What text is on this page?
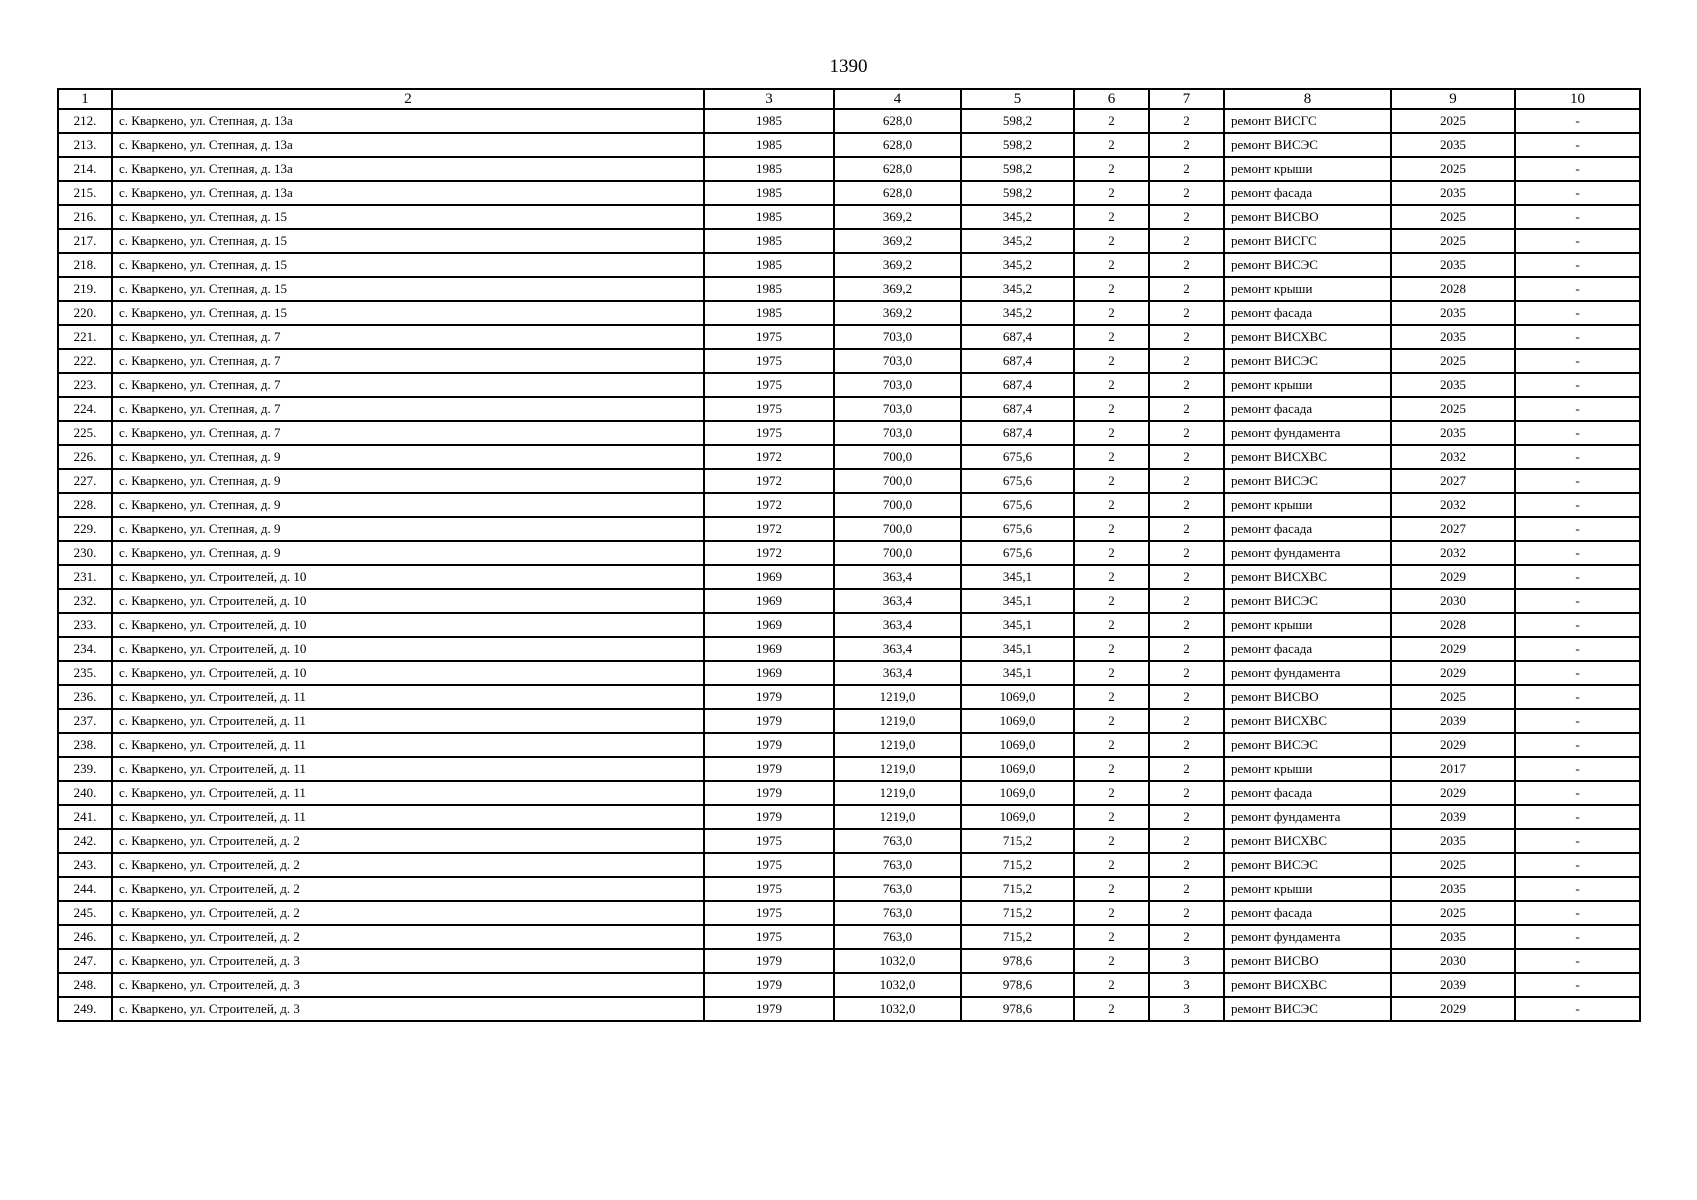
1390
1	2	3	4	5	6	7	8	9	10
212.	с. Кваркено, ул. Степная, д. 13а	1985	628,0	598,2	2	2	ремонт ВИСГС	2025	-
213.	с. Кваркено, ул. Степная, д. 13а	1985	628,0	598,2	2	2	ремонт ВИСЭС	2035	-
214.	с. Кваркено, ул. Степная, д. 13а	1985	628,0	598,2	2	2	ремонт крыши	2025	-
215.	с. Кваркено, ул. Степная, д. 13а	1985	628,0	598,2	2	2	ремонт фасада	2035	-
216.	с. Кваркено, ул. Степная, д. 15	1985	369,2	345,2	2	2	ремонт ВИСВО	2025	-
217.	с. Кваркено, ул. Степная, д. 15	1985	369,2	345,2	2	2	ремонт ВИСГС	2025	-
218.	с. Кваркено, ул. Степная, д. 15	1985	369,2	345,2	2	2	ремонт ВИСЭС	2035	-
219.	с. Кваркено, ул. Степная, д. 15	1985	369,2	345,2	2	2	ремонт крыши	2028	-
220.	с. Кваркено, ул. Степная, д. 15	1985	369,2	345,2	2	2	ремонт фасада	2035	-
221.	с. Кваркено, ул. Степная, д. 7	1975	703,0	687,4	2	2	ремонт ВИСХВС	2035	-
222.	с. Кваркено, ул. Степная, д. 7	1975	703,0	687,4	2	2	ремонт ВИСЭС	2025	-
223.	с. Кваркено, ул. Степная, д. 7	1975	703,0	687,4	2	2	ремонт крыши	2035	-
224.	с. Кваркено, ул. Степная, д. 7	1975	703,0	687,4	2	2	ремонт фасада	2025	-
225.	с. Кваркено, ул. Степная, д. 7	1975	703,0	687,4	2	2	ремонт фундамента	2035	-
226.	с. Кваркено, ул. Степная, д. 9	1972	700,0	675,6	2	2	ремонт ВИСХВС	2032	-
227.	с. Кваркено, ул. Степная, д. 9	1972	700,0	675,6	2	2	ремонт ВИСЭС	2027	-
228.	с. Кваркено, ул. Степная, д. 9	1972	700,0	675,6	2	2	ремонт крыши	2032	-
229.	с. Кваркено, ул. Степная, д. 9	1972	700,0	675,6	2	2	ремонт фасада	2027	-
230.	с. Кваркено, ул. Степная, д. 9	1972	700,0	675,6	2	2	ремонт фундамента	2032	-
231.	с. Кваркено, ул. Строителей, д. 10	1969	363,4	345,1	2	2	ремонт ВИСХВС	2029	-
232.	с. Кваркено, ул. Строителей, д. 10	1969	363,4	345,1	2	2	ремонт ВИСЭС	2030	-
233.	с. Кваркено, ул. Строителей, д. 10	1969	363,4	345,1	2	2	ремонт крыши	2028	-
234.	с. Кваркено, ул. Строителей, д. 10	1969	363,4	345,1	2	2	ремонт фасада	2029	-
235.	с. Кваркено, ул. Строителей, д. 10	1969	363,4	345,1	2	2	ремонт фундамента	2029	-
236.	с. Кваркено, ул. Строителей, д. 11	1979	1219,0	1069,0	2	2	ремонт ВИСВО	2025	-
237.	с. Кваркено, ул. Строителей, д. 11	1979	1219,0	1069,0	2	2	ремонт ВИСХВС	2039	-
238.	с. Кваркено, ул. Строителей, д. 11	1979	1219,0	1069,0	2	2	ремонт ВИСЭС	2029	-
239.	с. Кваркено, ул. Строителей, д. 11	1979	1219,0	1069,0	2	2	ремонт крыши	2017	-
240.	с. Кваркено, ул. Строителей, д. 11	1979	1219,0	1069,0	2	2	ремонт фасада	2029	-
241.	с. Кваркено, ул. Строителей, д. 11	1979	1219,0	1069,0	2	2	ремонт фундамента	2039	-
242.	с. Кваркено, ул. Строителей, д. 2	1975	763,0	715,2	2	2	ремонт ВИСХВС	2035	-
243.	с. Кваркено, ул. Строителей, д. 2	1975	763,0	715,2	2	2	ремонт ВИСЭС	2025	-
244.	с. Кваркено, ул. Строителей, д. 2	1975	763,0	715,2	2	2	ремонт крыши	2035	-
245.	с. Кваркено, ул. Строителей, д. 2	1975	763,0	715,2	2	2	ремонт фасада	2025	-
246.	с. Кваркено, ул. Строителей, д. 2	1975	763,0	715,2	2	2	ремонт фундамента	2035	-
247.	с. Кваркено, ул. Строителей, д. 3	1979	1032,0	978,6	2	3	ремонт ВИСВО	2030	-
248.	с. Кваркено, ул. Строителей, д. 3	1979	1032,0	978,6	2	3	ремонт ВИСХВС	2039	-
249.	с. Кваркено, ул. Строителей, д. 3	1979	1032,0	978,6	2	3	ремонт ВИСЭС	2029	-
